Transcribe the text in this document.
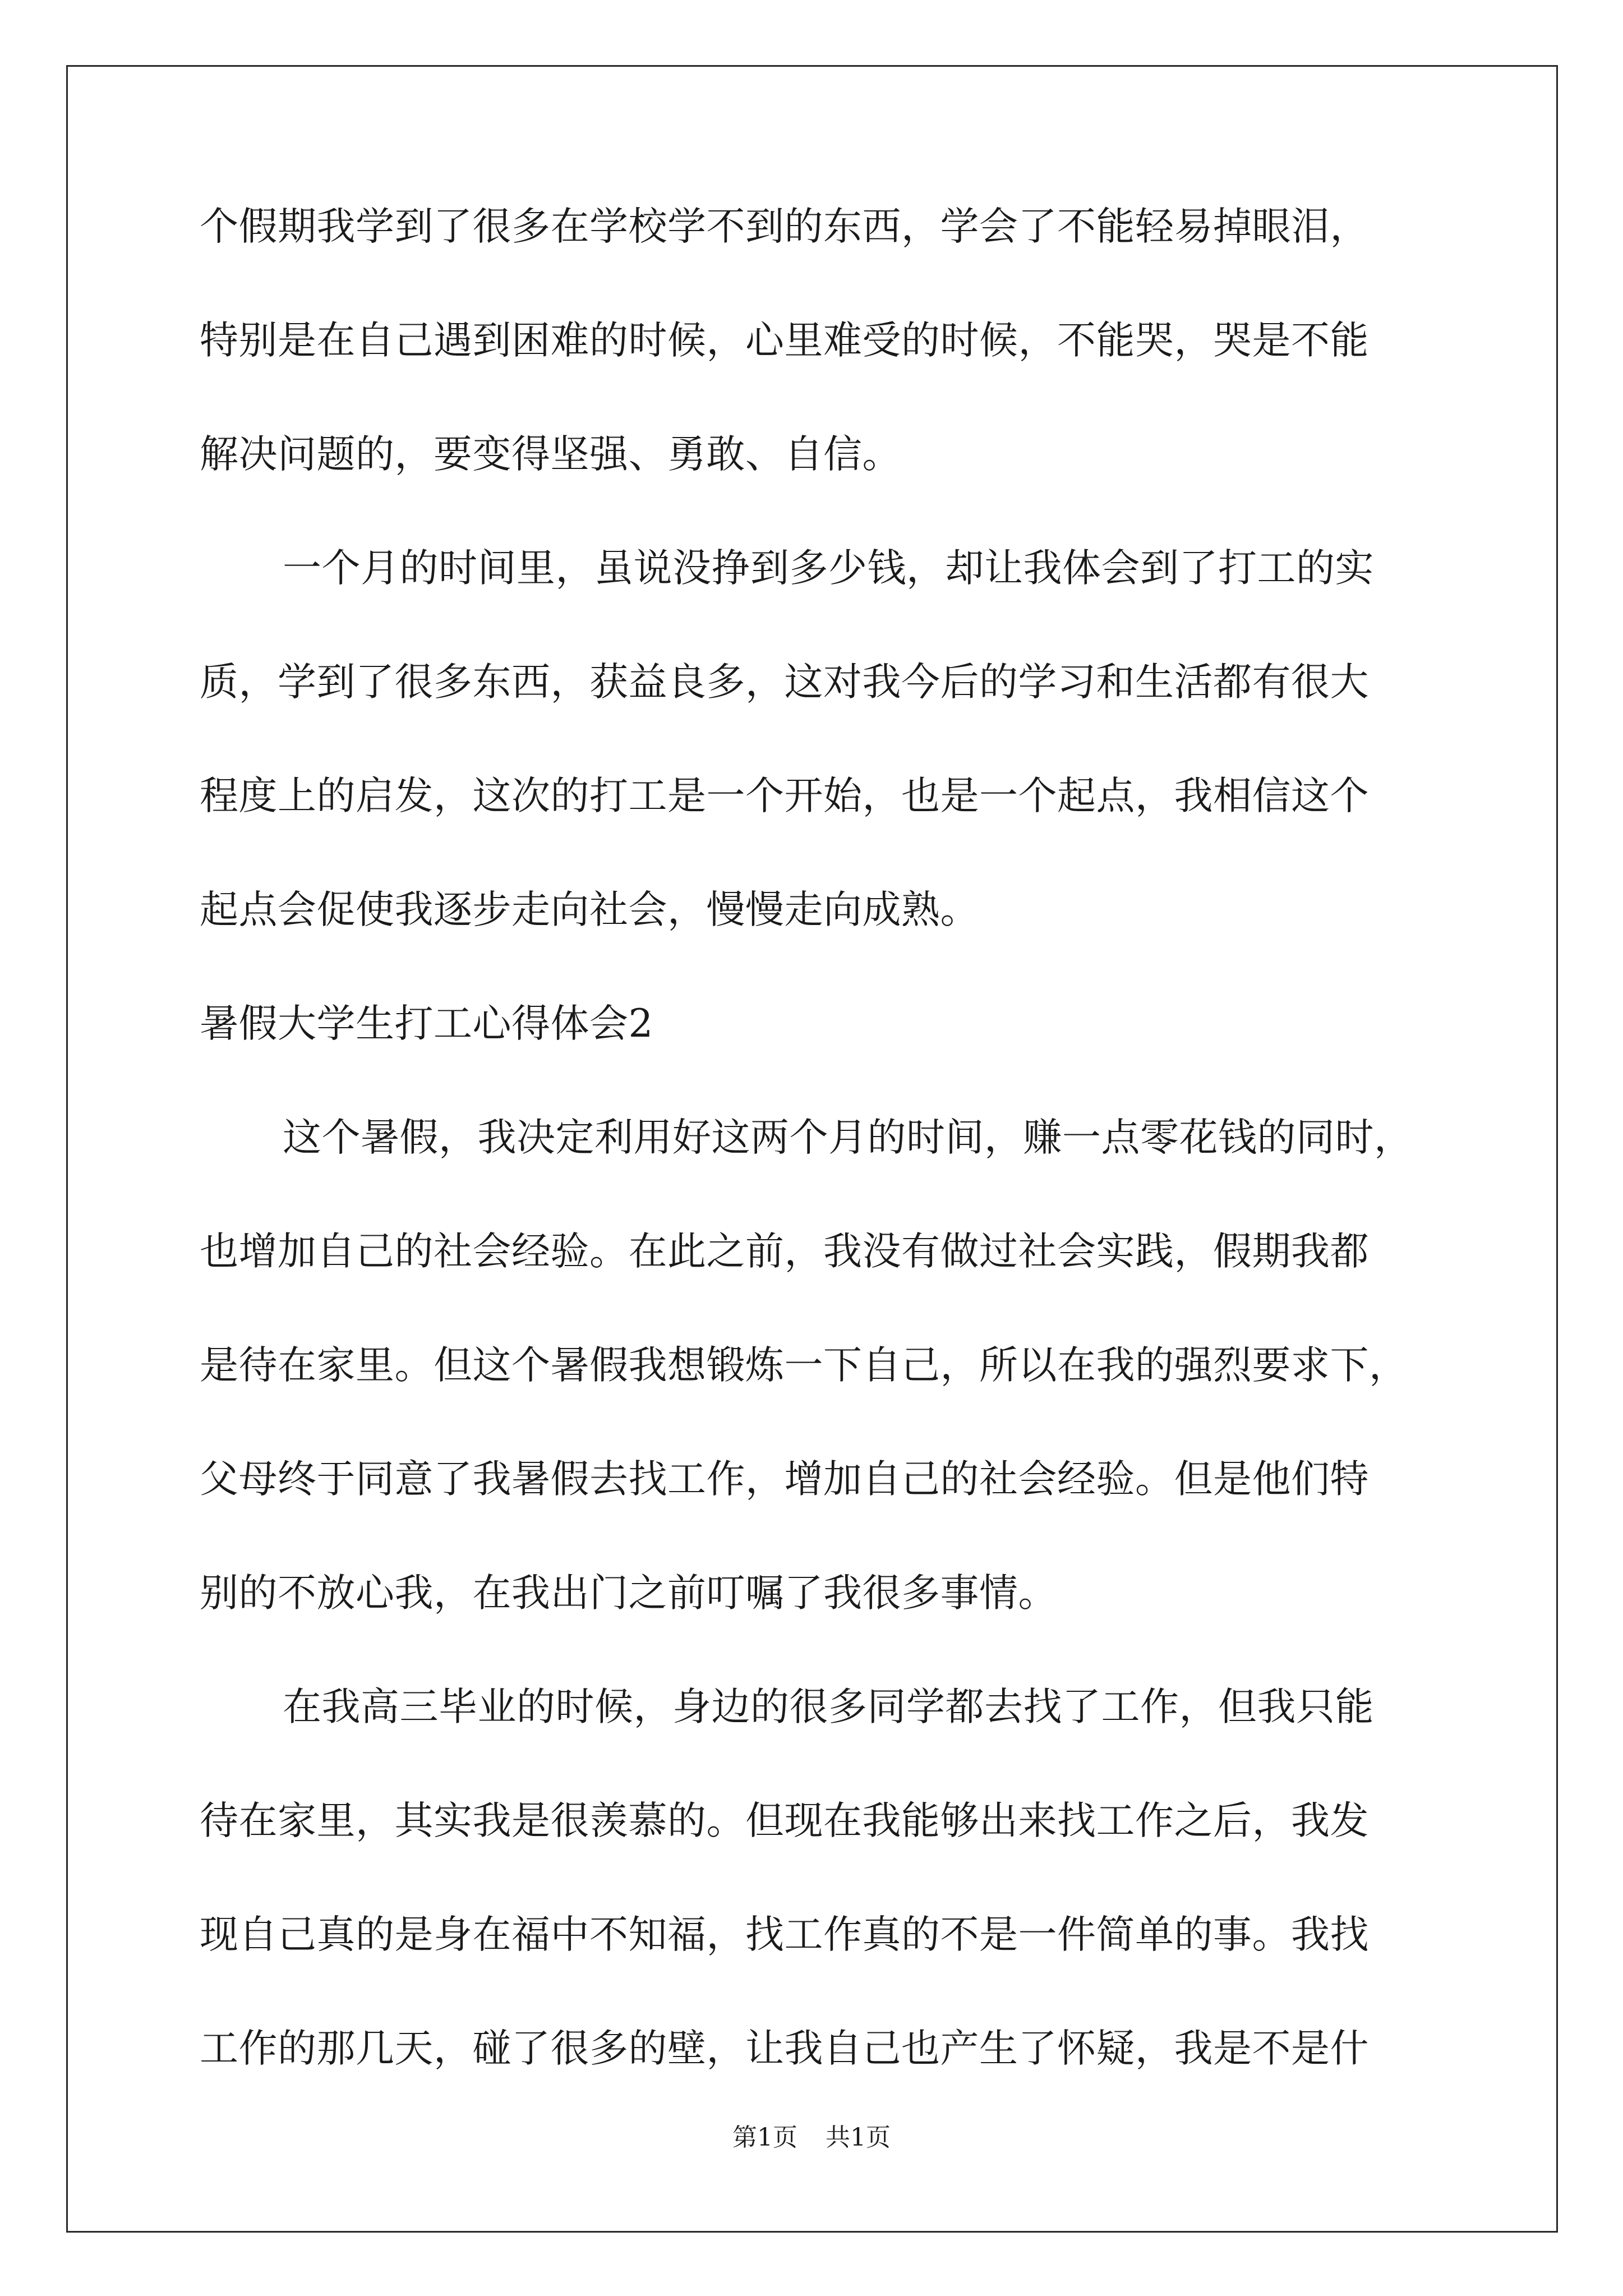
个假期我学到了很多在学校学不到的东西，学会了不能轻易掉眼泪，
特别是在自己遇到困难的时候，心里难受的时候，不能哭，哭是不能
解决问题的，要变得坚强、勇敢、自信。
一个月的时间里，虽说没挣到多少钱，却让我体会到了打工的实
质，学到了很多东西，获益良多，这对我今后的学习和生活都有很大
程度上的启发，这次的打工是一个开始，也是一个起点，我相信这个
起点会促使我逐步走向社会，慢慢走向成熟。
暑假大学生打工心得体会2
这个暑假，我决定利用好这两个月的时间，赚一点零花钱的同时，
也增加自己的社会经验。在此之前，我没有做过社会实践，假期我都
是待在家里。但这个暑假我想锻炼一下自己，所以在我的强烈要求下，
父母终于同意了我暑假去找工作，增加自己的社会经验。但是他们特
别的不放心我，在我出门之前叮嘱了我很多事情。
在我高三毕业的时候，身边的很多同学都去找了工作，但我只能
待在家里，其实我是很羡慕的。但现在我能够出来找工作之后，我发
现自己真的是身在福中不知福，找工作真的不是一件简单的事。我找
工作的那几天，碰了很多的壁，让我自己也产生了怀疑，我是不是什
第1页 共1页
